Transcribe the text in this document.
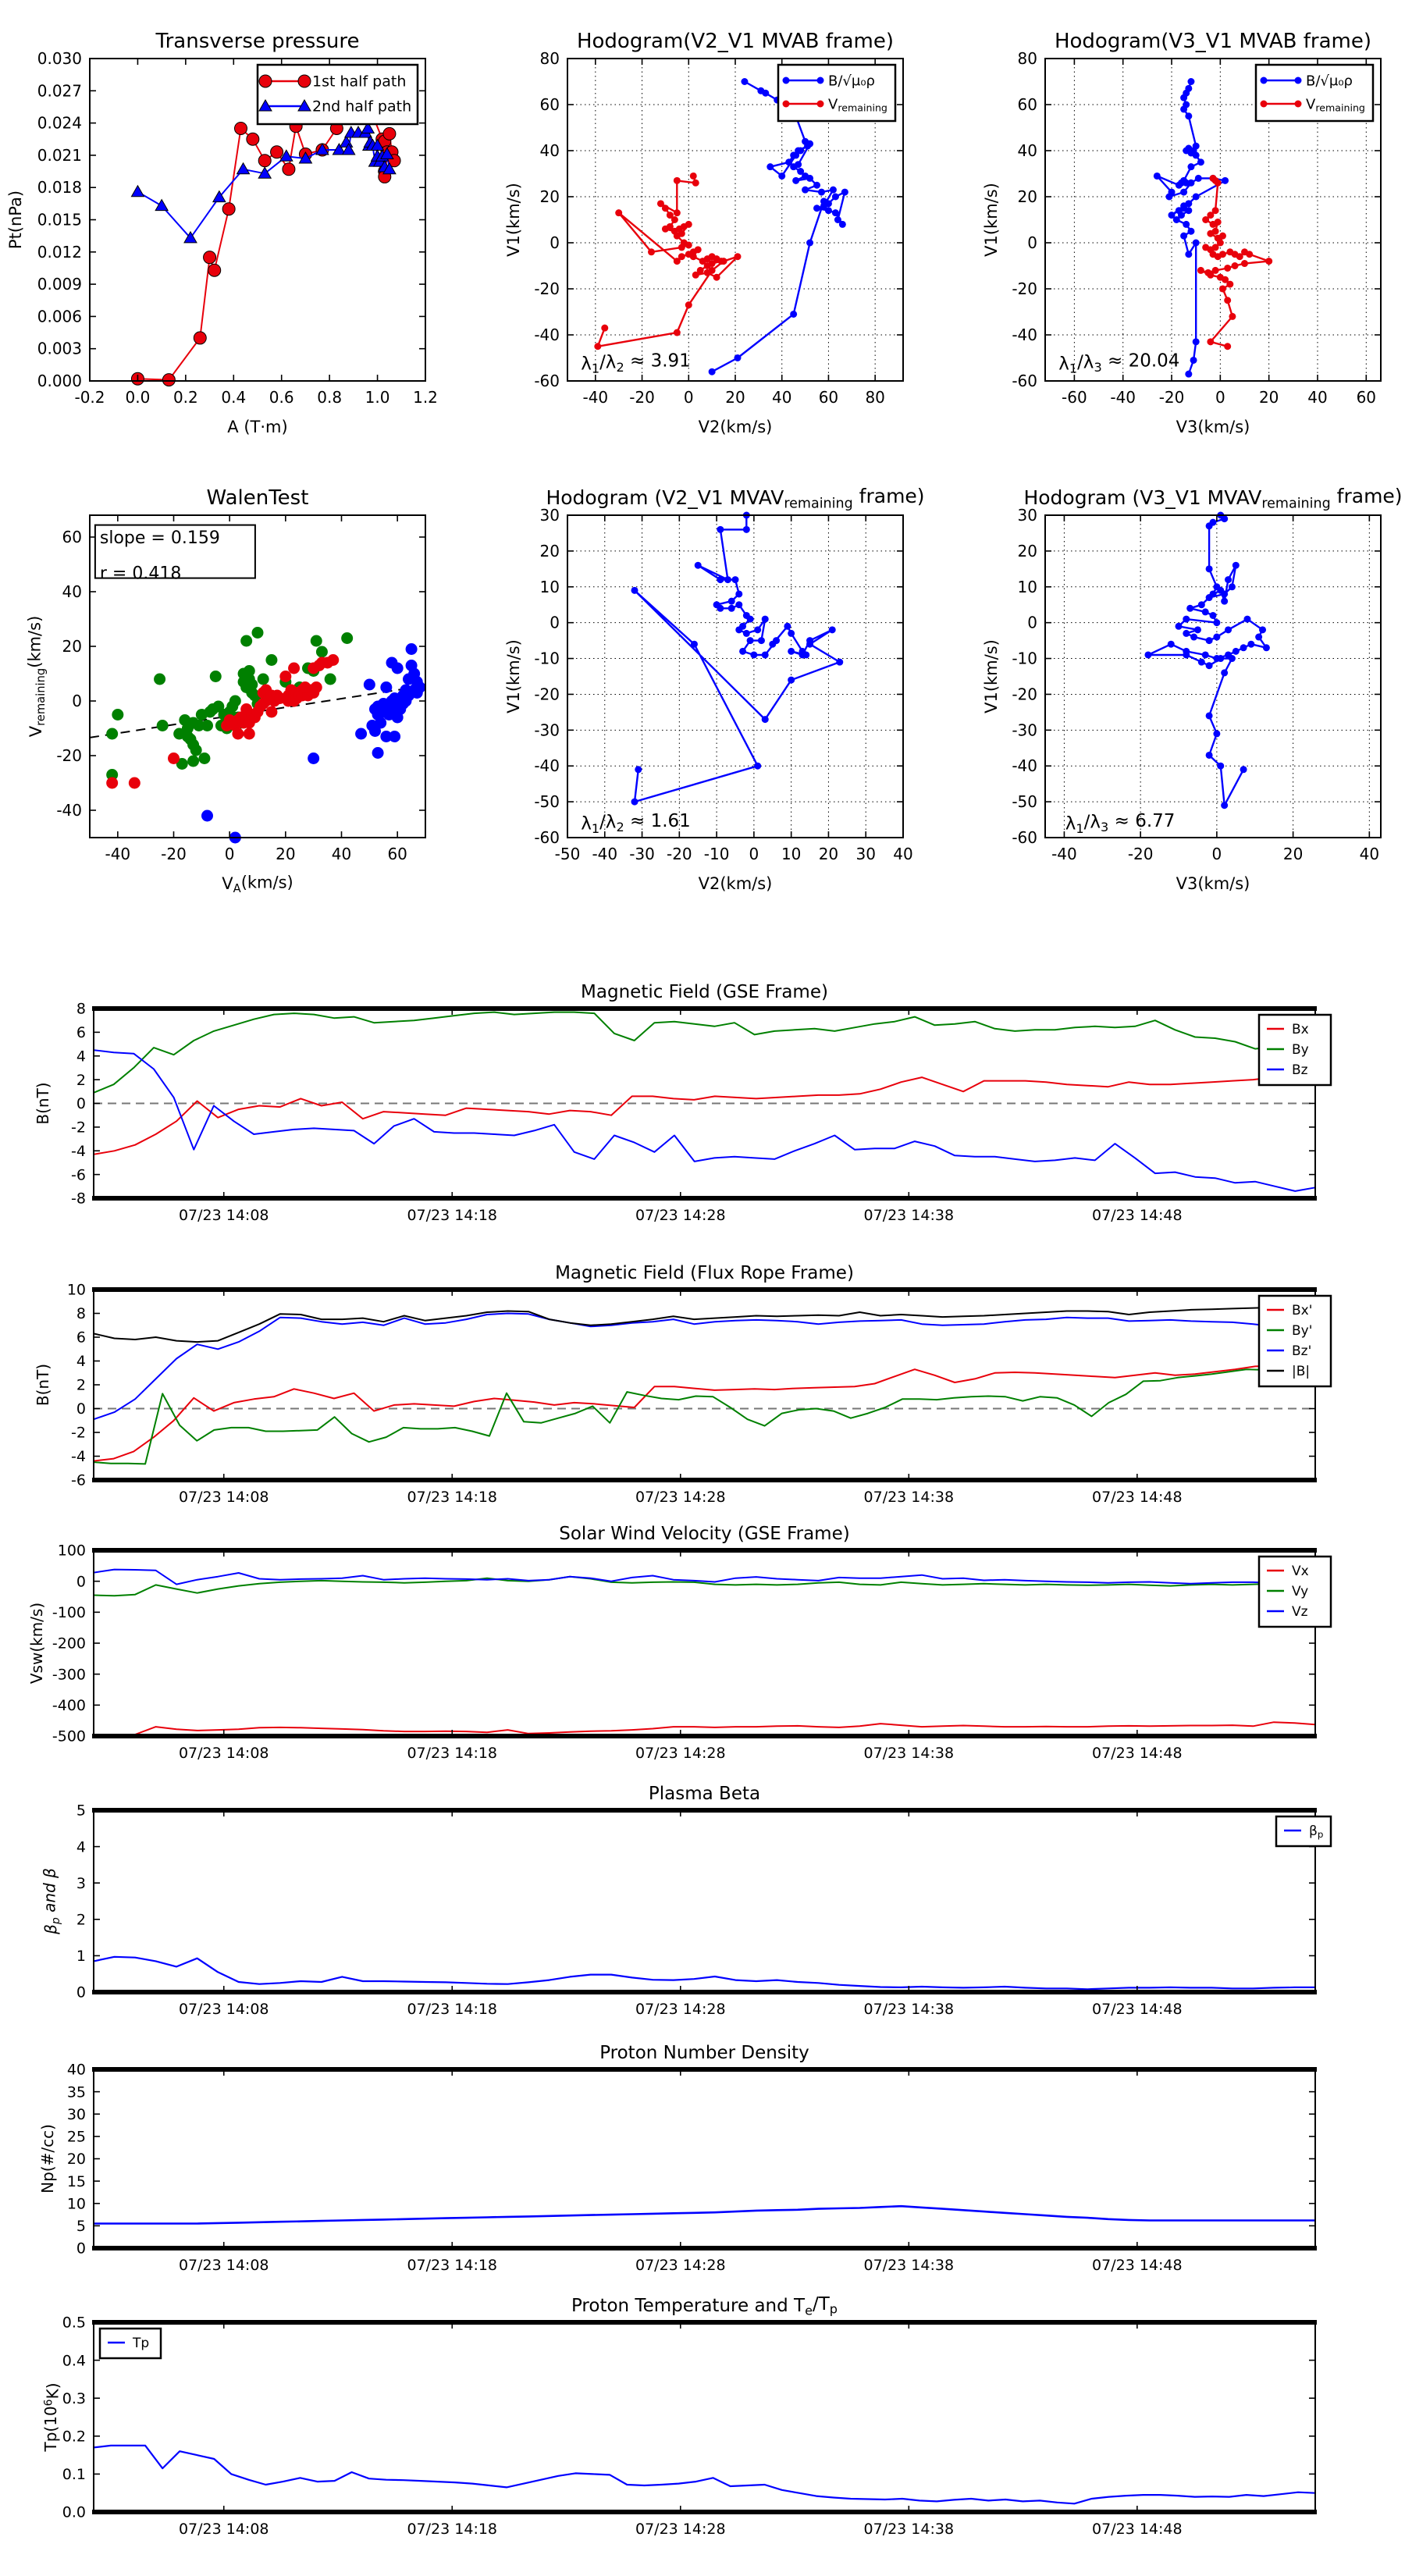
-0.2 0.0 0.2 0.4 0.6 0.8 1.0 1.2
0.000
0.003
0.006
0.009
0.012
0.015
0.018
0.021
0.024
0.027
0.030
Transverse pressure
A (T·m)
Pt(nPa)
1st half path
2nd half path
-40 -20 0 20 40 60 80
-60
-40
-20
0
20
40
60
80
Hodogram(V2_V1 MVAB frame)
V2(km/s)
V1(km/s)
B/√μ₀ρ
Vremaining
λ1/λ2 ≈ 3.91
-60 -40 -20 0 20 40 60
-60
-40
-20
0
20
40
60
80
Hodogram(V3_V1 MVAB frame)
V3(km/s)
V1(km/s)
B/√μ₀ρ
Vremaining
λ1/λ3 ≈ 20.04
-40 -20 0	20 40 60
-40
-20
0
20
40
60
WalenTest
VA(km/s)
Vremaining(km/s)
slope = 0.159
r = 0.418
-50 -40 -30 -20 -10 0 10 20 30 40
-60
-50
-40
-30
-20
-10
0
10
20
30
Hodogram (V2_V1 MVAVremaining frame)
V2(km/s)
V1(km/s)
λ1/λ2 ≈ 1.61
-40	-20	0	20	40
-60
-50
-40
-30
-20
-10
0
10
20
30
Hodogram (V3_V1 MVAVremaining frame)
V3(km/s)
V1(km/s)
λ1/λ3 ≈ 6.77
07/23 14:08	07/23 14:18	07/23 14:28	07/23 14:38	07/23 14:48
-8
-6
-4
-2
0
2
4
6
8
Magnetic Field (GSE Frame)
B(nT)
Bx
By
Bz
07/23 14:08	07/23 14:18	07/23 14:28	07/23 14:38	07/23 14:48
-6
-4
-2
0
2
4
6
8
10
Magnetic Field (Flux Rope Frame)
B(nT)
Bx'
By'
Bz'
|B|
07/23 14:08	07/23 14:18	07/23 14:28	07/23 14:38	07/23 14:48
-500
-400
-300
-200
-100
0
100
Solar Wind Velocity (GSE Frame)
Vsw(km/s)
Vx
Vy
Vz
07/23 14:08	07/23 14:18	07/23 14:28	07/23 14:38	07/23 14:48
0
1
2
3
4
5
Plasma Beta
βp and β
βp
07/23 14:08	07/23 14:18	07/23 14:28	07/23 14:38	07/23 14:48
0
5
10
15
20
25
30
35
40
Proton Number Density
Np(#/cc)
07/23 14:08	07/23 14:18	07/23 14:28	07/23 14:38	07/23 14:48
0.0
0.1
0.2
0.3
0.4
0.5
Proton Temperature and Te/Tp
$Tp(10^6K)$
Tp
